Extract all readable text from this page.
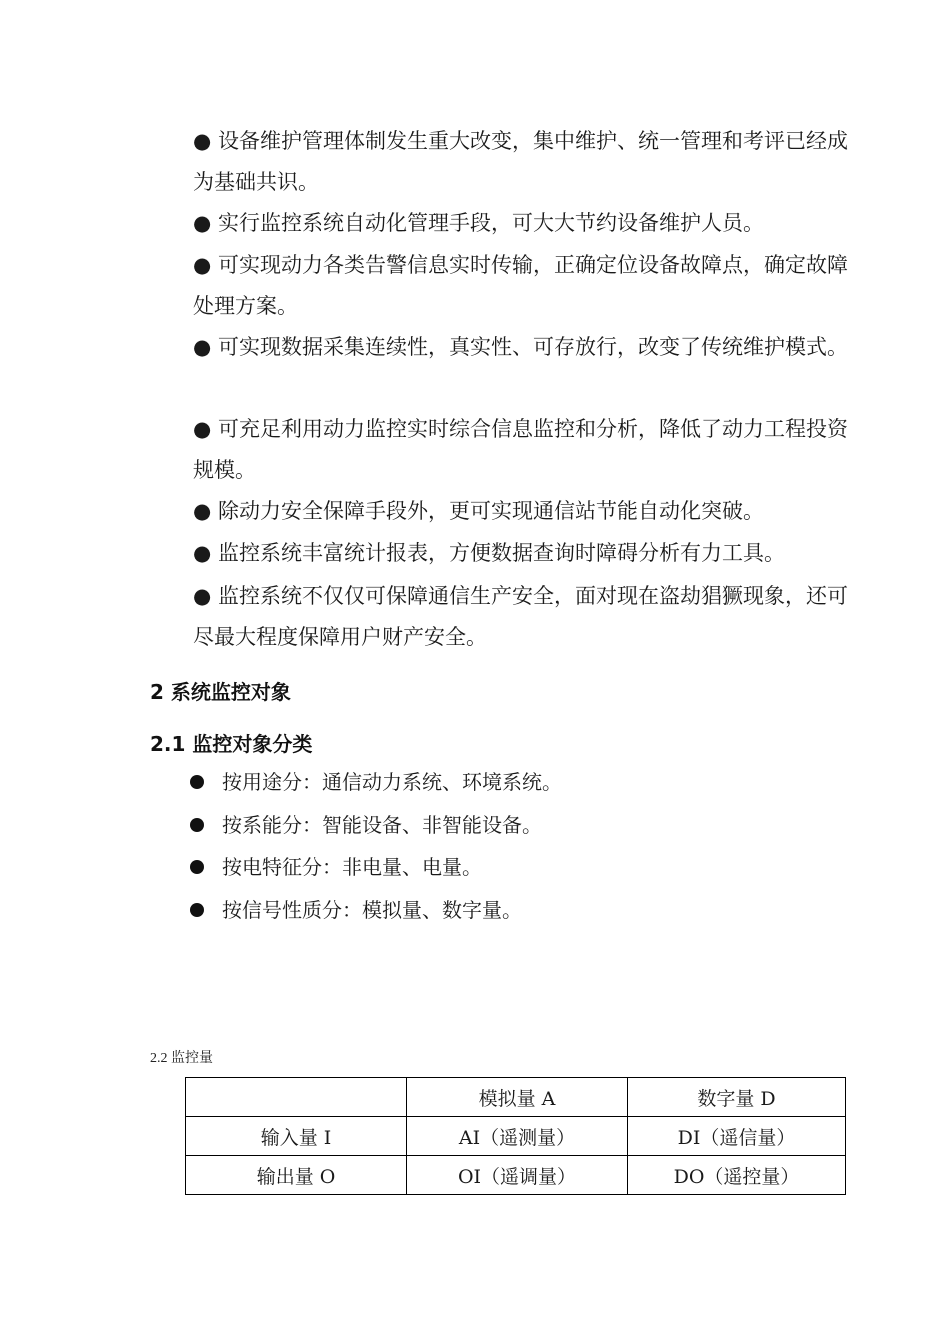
● 设备维护管理体制发生重大改变，集中维护、统一管理和考评已经成为基础共识。

● 实行监控系统自动化管理手段，可大大节约设备维护人员。

● 可实现动力各类告警信息实时传输，正确定位设备故障点，确定故障处理方案。

● 可实现数据采集连续性，真实性、可存放行，改变了传统维护模式。

● 可充足利用动力监控实时综合信息监控和分析，降低了动力工程投资规模。

● 除动力安全保障手段外，更可实现通信站节能自动化突破。

● 监控系统丰富统计报表，方便数据查询时障碍分析有力工具。

● 监控系统不仅仅可保障通信生产安全，面对现在盗劫猖獗现象，还可尽最大程度保障用户财产安全。

2 系统监控对象
2.1 监控对象分类
按用途分：通信动力系统、环境系统。
按系能分：智能设备、非智能设备。
按电特征分：非电量、电量。
按信号性质分：模拟量、数字量。
2.2 监控量
	模拟量 A	数字量 D
输入量 I	AI（遥测量）	DI（遥信量）
输出量 O	OI（遥调量）	DO（遥控量）
